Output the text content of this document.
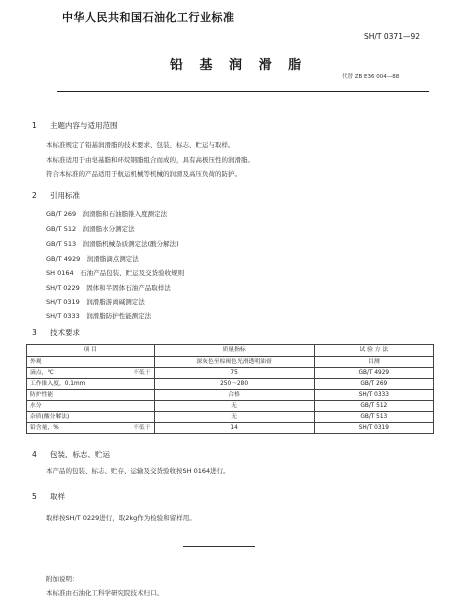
中华人民共和国石油化工行业标准
SH/T 0371—92
铅 基 润 滑 脂
代替 ZB E36 004—88
1 主题内容与适用范围
本标准规定了铅基润滑脂的技术要求、包装、标志、贮运与取样。
本标准适用于由皂基脂和环烷钢脂组合而成的，具有高极压性的润滑脂。
符合本标准的产品适用于航运机械等机械的润滑及高压负荷的防护。
2 引用标准
GB/T 269　 润滑脂和石油脂锥入度测定法
GB/T 512　 润滑脂水分测定法
GB/T 513　 润滑脂机械杂质测定法(酸分解法)
GB/T 4929　 润滑脂滴点测定法
SH 0164　 石油产品包装、贮运及交货验收规则
SH/T 0229　 固体和半固体石油产品取样法
SH/T 0319　 润滑脂游离碱测定法
SH/T 0333　 润滑脂防护性能测定法
3 技术要求
项 目	质量指标	试 验 方 法
外观	深灰色至棕褐色光滑透明油膏	目测
滴点，℃ 不低于	75	GB/T 4929
工作锥入度，0.1mm	250～280	GB/T 269
防护性能	合格	SH/T 0333
水分	无	GB/T 512
杂质(酸分解法)	无	GB/T 513
铅含量，% 不低于	14	SH/T 0319
4 包装、标志、贮运
本产品的包装、标志、贮存、运输及交货验收按SH 0164进行。
5 取样
取样按SH/T 0229进行，取2kg作为检验和留样用。
附加说明：
本标准由石油化工科学研究院技术归口。
